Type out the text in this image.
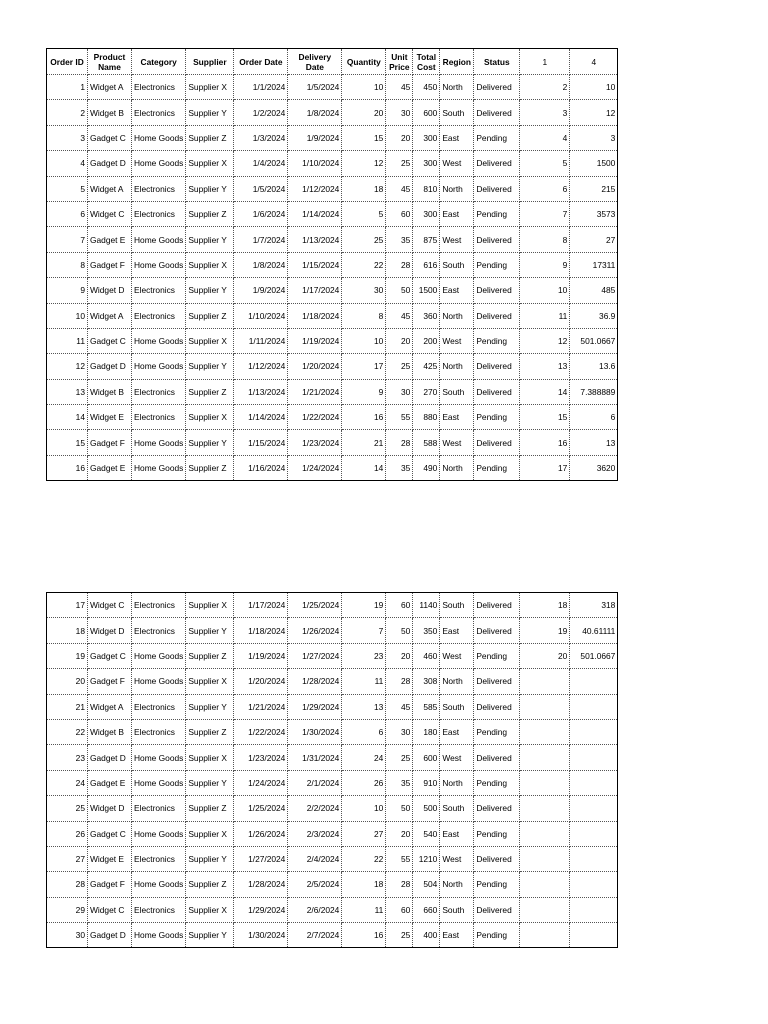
Order ID	Product Name	Category	Supplier	Order Date	Delivery Date	Quantity	Unit Price	Total Cost	Region	Status	1	4
1	Widget A	Electronics	Supplier X	1/1/2024	1/5/2024	10	45	450	North	Delivered	2	10
2	Widget B	Electronics	Supplier Y	1/2/2024	1/8/2024	20	30	600	South	Delivered	3	12
3	Gadget C	Home Goods	Supplier Z	1/3/2024	1/9/2024	15	20	300	East	Pending	4	3
4	Gadget D	Home Goods	Supplier X	1/4/2024	1/10/2024	12	25	300	West	Delivered	5	1500
5	Widget A	Electronics	Supplier Y	1/5/2024	1/12/2024	18	45	810	North	Delivered	6	215
6	Widget C	Electronics	Supplier Z	1/6/2024	1/14/2024	5	60	300	East	Pending	7	3573
7	Gadget E	Home Goods	Supplier Y	1/7/2024	1/13/2024	25	35	875	West	Delivered	8	27
8	Gadget F	Home Goods	Supplier X	1/8/2024	1/15/2024	22	28	616	South	Pending	9	17311
9	Widget D	Electronics	Supplier Y	1/9/2024	1/17/2024	30	50	1500	East	Delivered	10	485
10	Widget A	Electronics	Supplier Z	1/10/2024	1/18/2024	8	45	360	North	Delivered	11	36.9
11	Gadget C	Home Goods	Supplier X	1/11/2024	1/19/2024	10	20	200	West	Pending	12	501.0667
12	Gadget D	Home Goods	Supplier Y	1/12/2024	1/20/2024	17	25	425	North	Delivered	13	13.6
13	Widget B	Electronics	Supplier Z	1/13/2024	1/21/2024	9	30	270	South	Delivered	14	7.388889
14	Widget E	Electronics	Supplier X	1/14/2024	1/22/2024	16	55	880	East	Pending	15	6
15	Gadget F	Home Goods	Supplier Y	1/15/2024	1/23/2024	21	28	588	West	Delivered	16	13
16	Gadget E	Home Goods	Supplier Z	1/16/2024	1/24/2024	14	35	490	North	Pending	17	3620
17	Widget C	Electronics	Supplier X	1/17/2024	1/25/2024	19	60	1140	South	Delivered	18	318
18	Widget D	Electronics	Supplier Y	1/18/2024	1/26/2024	7	50	350	East	Delivered	19	40.61111
19	Gadget C	Home Goods	Supplier Z	1/19/2024	1/27/2024	23	20	460	West	Pending	20	501.0667
20	Gadget F	Home Goods	Supplier X	1/20/2024	1/28/2024	11	28	308	North	Delivered		
21	Widget A	Electronics	Supplier Y	1/21/2024	1/29/2024	13	45	585	South	Delivered		
22	Widget B	Electronics	Supplier Z	1/22/2024	1/30/2024	6	30	180	East	Pending		
23	Gadget D	Home Goods	Supplier X	1/23/2024	1/31/2024	24	25	600	West	Delivered		
24	Gadget E	Home Goods	Supplier Y	1/24/2024	2/1/2024	26	35	910	North	Pending		
25	Widget D	Electronics	Supplier Z	1/25/2024	2/2/2024	10	50	500	South	Delivered		
26	Gadget C	Home Goods	Supplier X	1/26/2024	2/3/2024	27	20	540	East	Pending		
27	Widget E	Electronics	Supplier Y	1/27/2024	2/4/2024	22	55	1210	West	Delivered		
28	Gadget F	Home Goods	Supplier Z	1/28/2024	2/5/2024	18	28	504	North	Pending		
29	Widget C	Electronics	Supplier X	1/29/2024	2/6/2024	11	60	660	South	Delivered		
30	Gadget D	Home Goods	Supplier Y	1/30/2024	2/7/2024	16	25	400	East	Pending		
